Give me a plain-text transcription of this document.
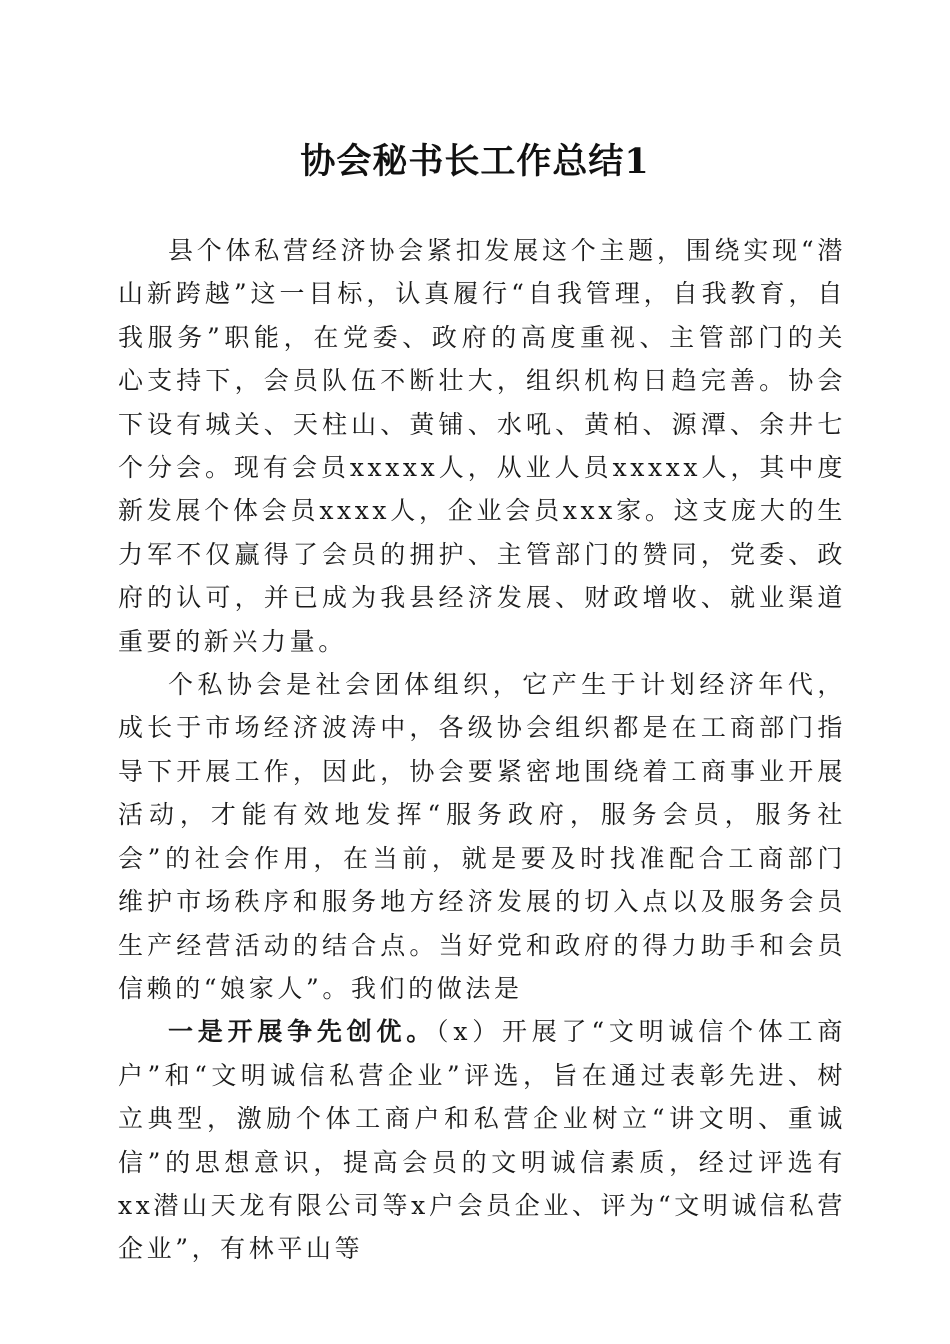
协会秘书长工作总结1

县个体私营经济协会紧扣发展这个主题，围绕实现“潜山新跨越”这一目标，认真履行“自我管理，自我教育，自我服务”职能，在党委、政府的高度重视、主管部门的关心支持下，会员队伍不断壮大，组织机构日趋完善。协会下设有城关、天柱山、黄铺、水吼、黄柏、源潭、余井七个分会。现有会员xxxxx人，从业人员xxxxx人，其中度新发展个体会员xxxx人，企业会员xxx家。这支庞大的生力军不仅赢得了会员的拥护、主管部门的赞同，党委、政府的认可，并已成为我县经济发展、财政增收、就业渠道重要的新兴力量。

个私协会是社会团体组织，它产生于计划经济年代，成长于市场经济波涛中，各级协会组织都是在工商部门指导下开展工作，因此，协会要紧密地围绕着工商事业开展活动，才能有效地发挥“服务政府，服务会员，服务社会”的社会作用，在当前，就是要及时找准配合工商部门维护市场秩序和服务地方经济发展的切入点以及服务会员生产经营活动的结合点。当好党和政府的得力助手和会员信赖的“娘家人”。我们的做法是

一是开展争先创优。（x）开展了“文明诚信个体工商户”和“文明诚信私营企业”评选，旨在通过表彰先进、树立典型，激励个体工商户和私营企业树立“讲文明、重诚信”的思想意识，提高会员的文明诚信素质，经过评选有xx潜山天龙有限公司等x户会员企业、评为“文明诚信私营企业”，有林平山等
